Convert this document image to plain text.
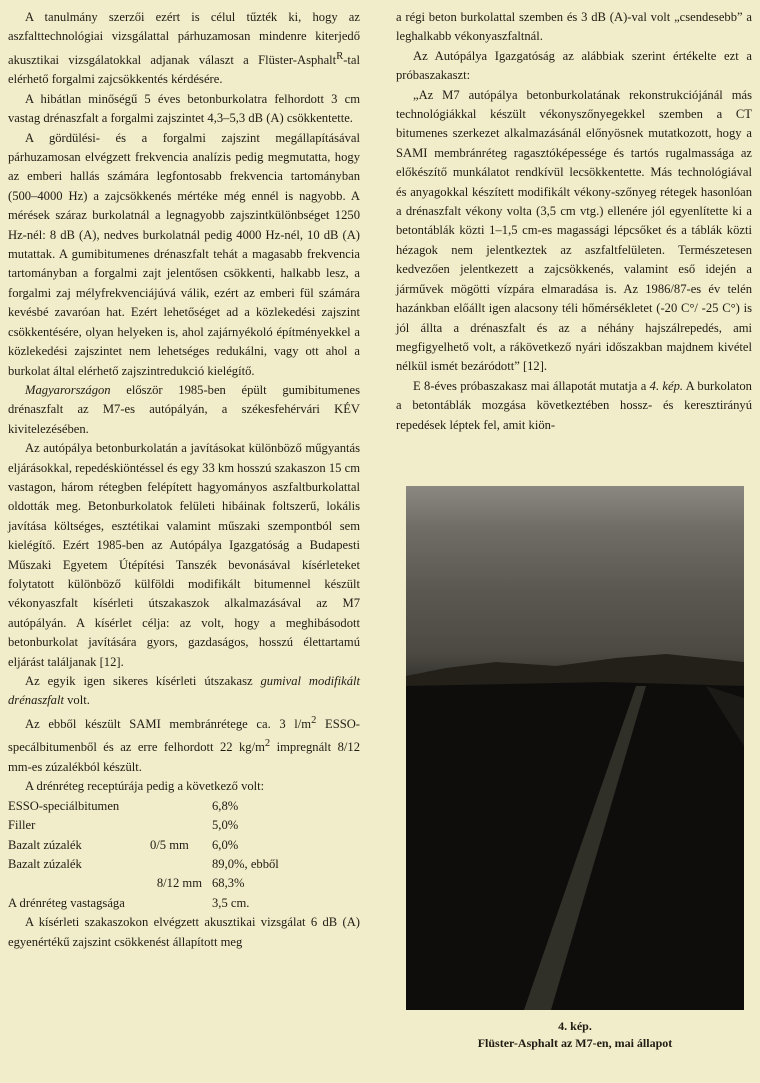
A tanulmány szerzői ezért is célul tűzték ki, hogy az aszfalttechnológiai vizsgálattal párhuzamosan mindenre kiterjedő akusztikai vizsgálatokkal adjanak választ a Flüster-Asphalt$^R$-tal elérhető forgalmi zajcsökkentés kérdésére.

A hibátlan minőségű 5 éves betonburkolatra felhordott 3 cm vastag drénaszfalt a forgalmi zajszintet 4,3–5,3 dB (A) csökkentette.

A gördülési- és a forgalmi zajszint megállapításával párhuzamosan elvégzett frekvencia analízis pedig megmutatta, hogy az emberi hallás számára legfontosabb frekvencia tartományban (500–4000 Hz) a zajcsökkenés mértéke még ennél is nagyobb. A mérések száraz burkolatnál a legnagyobb zajszintkülönbséget 1250 Hz-nél: 8 dB (A), nedves burkolatnál pedig 4000 Hz-nél, 10 dB (A) mutattak. A gumibitumenes drénaszfalt tehát a magasabb frekvencia tartományban a forgalmi zajt jelentősen csökkenti, halkabb lesz, a forgalmi zaj mélyfrekvenciájúvá válik, ezért az emberi fül számára kevésbé zavaróan hat. Ezért lehetőséget ad a közlekedési zajszint csökkentésére, olyan helyeken is, ahol zajárnyékoló építményekkel a közlekedési zajszintet nem lehetséges redukálni, vagy ott ahol a burkolat által elérhető zajszintredukció kielégítő.

Magyarországon először 1985-ben épült gumibitumenes drénaszfalt az M7-es autópályán, a székesfehérvári KÉV kivitelezésében.

Az autópálya betonburkolatán a javításokat különböző műgyantás eljárásokkal, repedéskiöntéssel és egy 33 km hosszú szakaszon 15 cm vastagon, három rétegben felépített hagyományos aszfaltburkolattal oldották meg. Betonburkolatok felületi hibáinak foltszerű, lokális javítása költséges, esztétikai valamint műszaki szempontból sem kielégítő. Ezért 1985-ben az Autópálya Igazgatóság a Budapesti Műszaki Egyetem Útépítési Tanszék bevonásával kísérleteket folytatott különböző külföldi modifikált bitumennel készült vékonyaszfalt kísérleti útszakaszok alkalmazásával az M7 autópályán. A kísérlet célja: az volt, hogy a meghibásodott betonburkolat javítására gyors, gazdaságos, hosszú élettartamú eljárást találjanak [12].

Az egyik igen sikeres kísérleti útszakasz gumival modifikált drénaszfalt volt.

Az ebből készült SAMI membránrétege ca. 3 $l/m^2$ ESSO-specálbitumenből és az erre felhordott 22 $kg/m^2$ impregnált 8/12 mm-es zúzalékból készült.

A drénréteg receptúrája pedig a következő volt:

ESSO-speciálbitumen		6,8%
Filler		5,0%
Bazalt zúzalék	0/5 mm	6,0%
Bazalt zúzalék		89,0%, ebből
	8/12 mm	68,3%
A drénréteg vastagsága		3,5 cm.

A kísérleti szakaszokon elvégzett akusztikai vizsgálat 6 dB (A) egyenértékű zajszint csökkenést állapított meg

a régi beton burkolattal szemben és 3 dB (A)-val volt „csendesebb” a leghalkabb vékonyaszfaltnál.

Az Autópálya Igazgatóság az alábbiak szerint értékelte ezt a próbaszakaszt:

„Az M7 autópálya betonburkolatának rekonstrukciójánál más technológiákkal készült vékonyszőnyegekkel szemben a CT bitumenes szerkezet alkalmazásánál előnyösnek mutatkozott, hogy a SAMI membránréteg ragasztóképessége és tartós rugalmassága az előkészítő munkálatot rendkívül lecsökkentette. Más technológiával és anyagokkal készített modifikált vékony-szőnyeg rétegek hasonlóan a drénaszfalt vékony volta (3,5 cm vtg.) ellenére jól egyenlítette ki a betontáblák közti 1–1,5 cm-es magassági lépcsőket és a táblák közti hézagok nem jelentkeztek az aszfaltfelületen. Természetesen kedvezően jelentkezett a zajcsökkenés, valamint eső idején a járművek mögötti vízpára elmaradása is. Az 1986/87-es év telén hazánkban előállt igen alacsony téli hőmérsékletet (-20 C°/ -25 C°) is jól állta a drénaszfalt és az a néhány hajszálrepedés, ami megfigyelhető volt, a rákövetkező nyári időszakban majdnem kivétel nélkül ismét bezáródott” [12].

E 8-éves próbaszakasz mai állapotát mutatja a 4. kép. A burkolaton a betontáblák mozgása következtében hossz- és keresztirányú repedések léptek fel, amit kiön-

4. kép.
Flüster-Asphalt az M7-en, mai állapot
